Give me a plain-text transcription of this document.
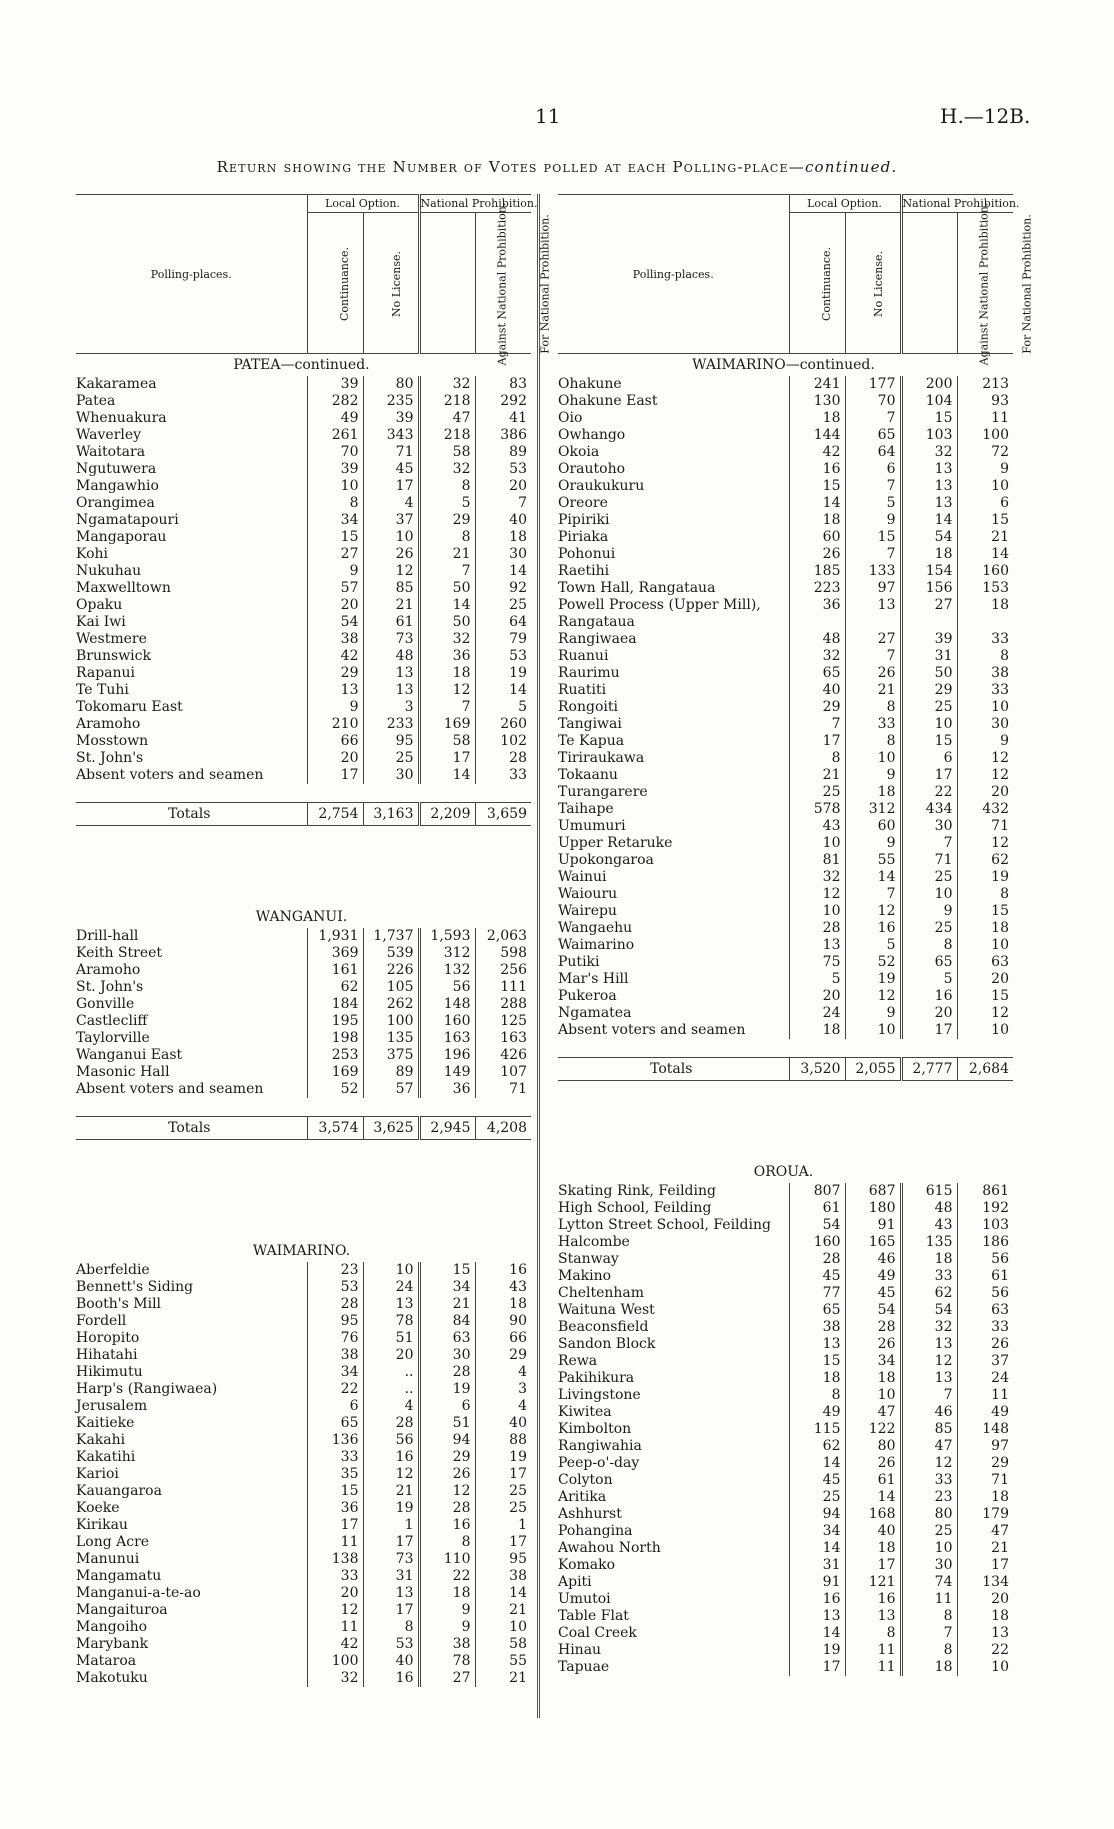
11	H.—12B.
Return showing the Number of Votes polled at each Polling-place—continued.
Polling-places.	Local Option.		National Prohibition.	
	Continuance.	No License.	Against National Prohibition.	For National Prohibition.
PATEA—continued.				
Kakaramea	39	80	32	83
Patea	282	235	218	292
Whenuakura	49	39	47	41
Waverley	261	343	218	386
Waitotara	70	71	58	89
Ngutuwera	39	45	32	53
Mangawhio	10	17	8	20
Orangimea	8	4	5	7
Ngamatapouri	34	37	29	40
Mangaporau	15	10	8	18
Kohi	27	26	21	30
Nukuhau	9	12	7	14
Maxwelltown	57	85	50	92
Opaku	20	21	14	25
Kai Iwi	54	61	50	64
Westmere	38	73	32	79
Brunswick	42	48	36	53
Rapanui	29	13	18	19
Te Tuhi	13	13	12	14
Tokomaru East	9	3	7	5
Aramoho	210	233	169	260
Mosstown	66	95	58	102
St. John's	20	25	17	28
Absent voters and seamen	17	30	14	33

Totals	2,754	3,163	2,209	3,659

WANGANUI.				
Drill-hall	1,931	1,737	1,593	2,063
Keith Street	369	539	312	598
Aramoho	161	226	132	256
St. John's	62	105	56	111
Gonville	184	262	148	288
Castlecliff	195	100	160	125
Taylorville	198	135	163	163
Wanganui East	253	375	196	426
Masonic Hall	169	89	149	107
Absent voters and seamen	52	57	36	71

Totals	3,574	3,625	2,945	4,208

WAIMARINO.				
Aberfeldie	23	10	15	16
Bennett's Siding	53	24	34	43
Booth's Mill	28	13	21	18
Fordell	95	78	84	90
Horopito	76	51	63	66
Hihatahi	38	20	30	29
Hikimutu	34	..	28	4
Harp's (Rangiwaea)	22	..	19	3
Jerusalem	6	4	6	4
Kaitieke	65	28	51	40
Kakahi	136	56	94	88
Kakatihi	33	16	29	19
Karioi	35	12	26	17
Kauangaroa	15	21	12	25
Koeke	36	19	28	25
Kirikau	17	1	16	1
Long Acre	11	17	8	17
Manunui	138	73	110	95
Mangamatu	33	31	22	38
Manganui-a-te-ao	20	13	18	14
Mangaiturоа	12	17	9	21
Mangoiho	11	8	9	10
Marybank	42	53	38	58
Mataroa	100	40	78	55
Makotuku	32	16	27	21
Polling-places.	Local Option.		National Prohibition.	
	Continuance.	No License.	Against National Prohibition.	For National Prohibition.
WAIMARINO—continued.				
Ohakune	241	177	200	213
Ohakune East	130	70	104	93
Oio	18	7	15	11
Owhango	144	65	103	100
Okoia	42	64	32	72
Orautoho	16	6	13	9
Oraukukuru	15	7	13	10
Oreore	14	5	13	6
Pipiriki	18	9	14	15
Piriaka	60	15	54	21
Pohonui	26	7	18	14
Raetihi	185	133	154	160
Town Hall, Rangataua	223	97	156	153
Powell Process (Upper Mill),	36	13	27	18
Rangataua				
Rangiwaea	48	27	39	33
Ruanui	32	7	31	8
Raurimu	65	26	50	38
Ruatiti	40	21	29	33
Rongoiti	29	8	25	10
Tangiwai	7	33	10	30
Te Kapua	17	8	15	9
Tiriraukawa	8	10	6	12
Tokaanu	21	9	17	12
Turangarere	25	18	22	20
Taihape	578	312	434	432
Umumuri	43	60	30	71
Upper Retaruke	10	9	7	12
Upokongaroa	81	55	71	62
Wainui	32	14	25	19
Waiouru	12	7	10	8
Wairepu	10	12	9	15
Wangaehu	28	16	25	18
Waimarino	13	5	8	10
Putiki	75	52	65	63
Mar's Hill	5	19	5	20
Pukeroa	20	12	16	15
Ngamatea	24	9	20	12
Absent voters and seamen	18	10	17	10

Totals	3,520	2,055	2,777	2,684

OROUA.				
Skating Rink, Feilding	807	687	615	861
High School, Feilding	61	180	48	192
Lytton Street School, Feilding	54	91	43	103
Halcombe	160	165	135	186
Stanway	28	46	18	56
Makino	45	49	33	61
Cheltenham	77	45	62	56
Waituna West	65	54	54	63
Beaconsfield	38	28	32	33
Sandon Block	13	26	13	26
Rewa	15	34	12	37
Pakihikura	18	18	13	24
Livingstone	8	10	7	11
Kiwitea	49	47	46	49
Kimbolton	115	122	85	148
Rangiwahia	62	80	47	97
Peep-o'-day	14	26	12	29
Colyton	45	61	33	71
Aritika	25	14	23	18
Ashhurst	94	168	80	179
Pohangina	34	40	25	47
Awahou North	14	18	10	21
Komako	31	17	30	17
Apiti	91	121	74	134
Umutoi	16	16	11	20
Table Flat	13	13	8	18
Coal Creek	14	8	7	13
Hinau	19	11	8	22
Tapuae	17	11	18	10
